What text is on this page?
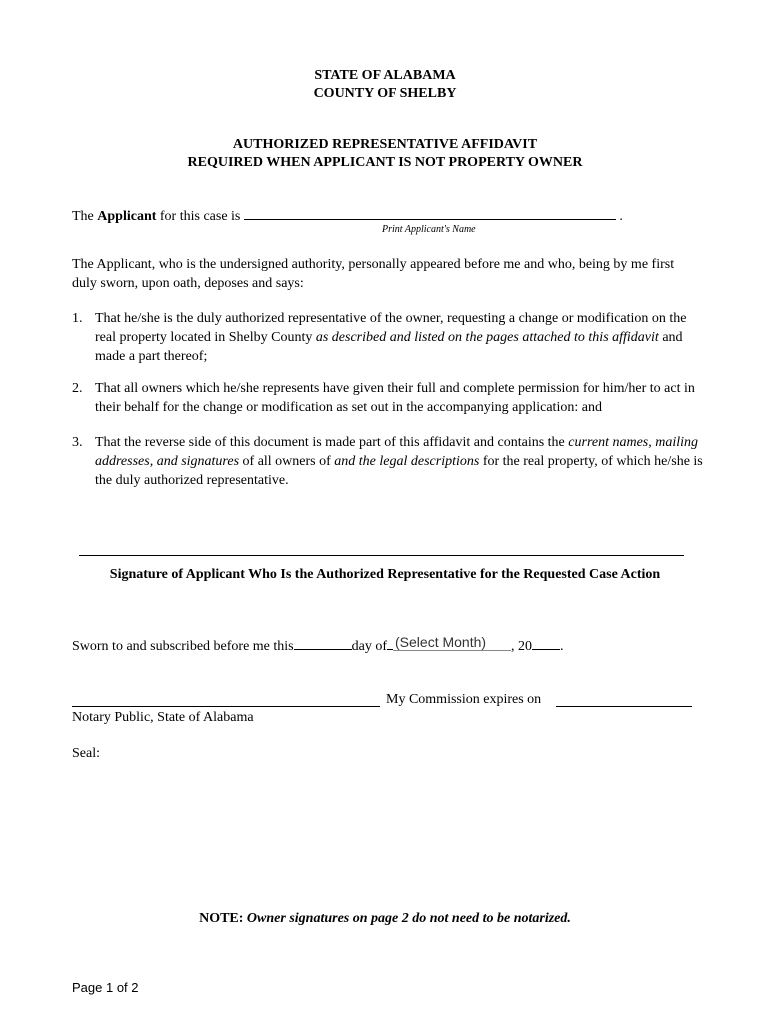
STATE OF ALABAMA
COUNTY OF SHELBY
AUTHORIZED REPRESENTATIVE AFFIDAVIT
REQUIRED WHEN APPLICANT IS NOT PROPERTY OWNER
The Applicant for this case is	.
Print Applicant's Name
The Applicant, who is the undersigned authority, personally appeared before me and who, being by me first duly sworn, upon oath, deposes and says:
1. That he/she is the duly authorized representative of the owner, requesting a change or modification on the real property located in Shelby County as described and listed on the pages attached to this affidavit and made a part thereof;
2. That all owners which he/she represents have given their full and complete permission for him/her to act in their behalf for the change or modification as set out in the accompanying application: and
3. That the reverse side of this document is made part of this affidavit and contains the current names, mailing addresses, and signatures of all owners of and the legal descriptions for the real property, of which he/she is the duly authorized representative.
Signature of Applicant Who Is the Authorized Representative for the Requested Case Action
Sworn to and subscribed before me this	day of (Select Month) , 20 .
My Commission expires on
Notary Public, State of Alabama
Seal:
NOTE: Owner signatures on page 2 do not need to be notarized.
Page 1 of 2
